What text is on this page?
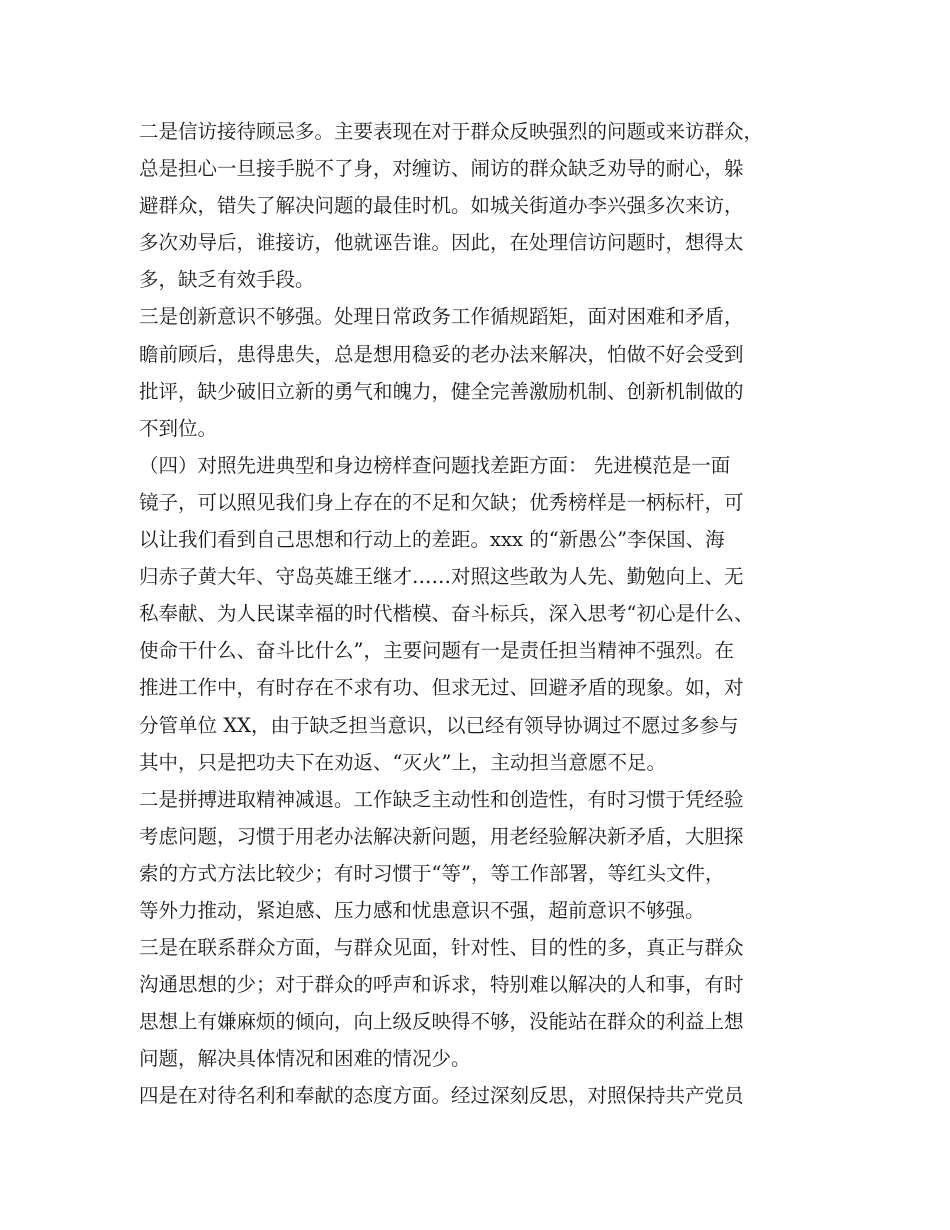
二是信访接待顾忌多。主要表现在对于群众反映强烈的问题或来访群众，
总是担心一旦接手脱不了身，对缠访、闹访的群众缺乏劝导的耐心，躲
避群众，错失了解决问题的最佳时机。如城关街道办李兴强多次来访，
多次劝导后，谁接访，他就诬告谁。因此，在处理信访问题时，想得太
多，缺乏有效手段。
三是创新意识不够强。处理日常政务工作循规蹈矩，面对困难和矛盾，
瞻前顾后，患得患失，总是想用稳妥的老办法来解决，怕做不好会受到
批评，缺少破旧立新的勇气和魄力，健全完善激励机制、创新机制做的
不到位。
（四）对照先进典型和身边榜样查问题找差距方面： 先进模范是一面
镜子，可以照见我们身上存在的不足和欠缺；优秀榜样是一柄标杆，可
以让我们看到自己思想和行动上的差距。xxx 的“新愚公”李保国、海
归赤子黄大年、守岛英雄王继才……对照这些敢为人先、勤勉向上、无
私奉献、为人民谋幸福的时代楷模、奋斗标兵，深入思考“初心是什么、
使命干什么、奋斗比什么”，主要问题有一是责任担当精神不强烈。在
推进工作中，有时存在不求有功、但求无过、回避矛盾的现象。如，对
分管单位 XX，由于缺乏担当意识，以已经有领导协调过不愿过多参与
其中，只是把功夫下在劝返、“灭火”上，主动担当意愿不足。
二是拼搏进取精神减退。工作缺乏主动性和创造性，有时习惯于凭经验
考虑问题，习惯于用老办法解决新问题，用老经验解决新矛盾，大胆探
索的方式方法比较少；有时习惯于“等”，等工作部署，等红头文件，
等外力推动，紧迫感、压力感和忧患意识不强，超前意识不够强。
三是在联系群众方面，与群众见面，针对性、目的性的多，真正与群众
沟通思想的少；对于群众的呼声和诉求，特别难以解决的人和事，有时
思想上有嫌麻烦的倾向，向上级反映得不够，没能站在群众的利益上想
问题，解决具体情况和困难的情况少。
四是在对待名利和奉献的态度方面。经过深刻反思，对照保持共产党员
